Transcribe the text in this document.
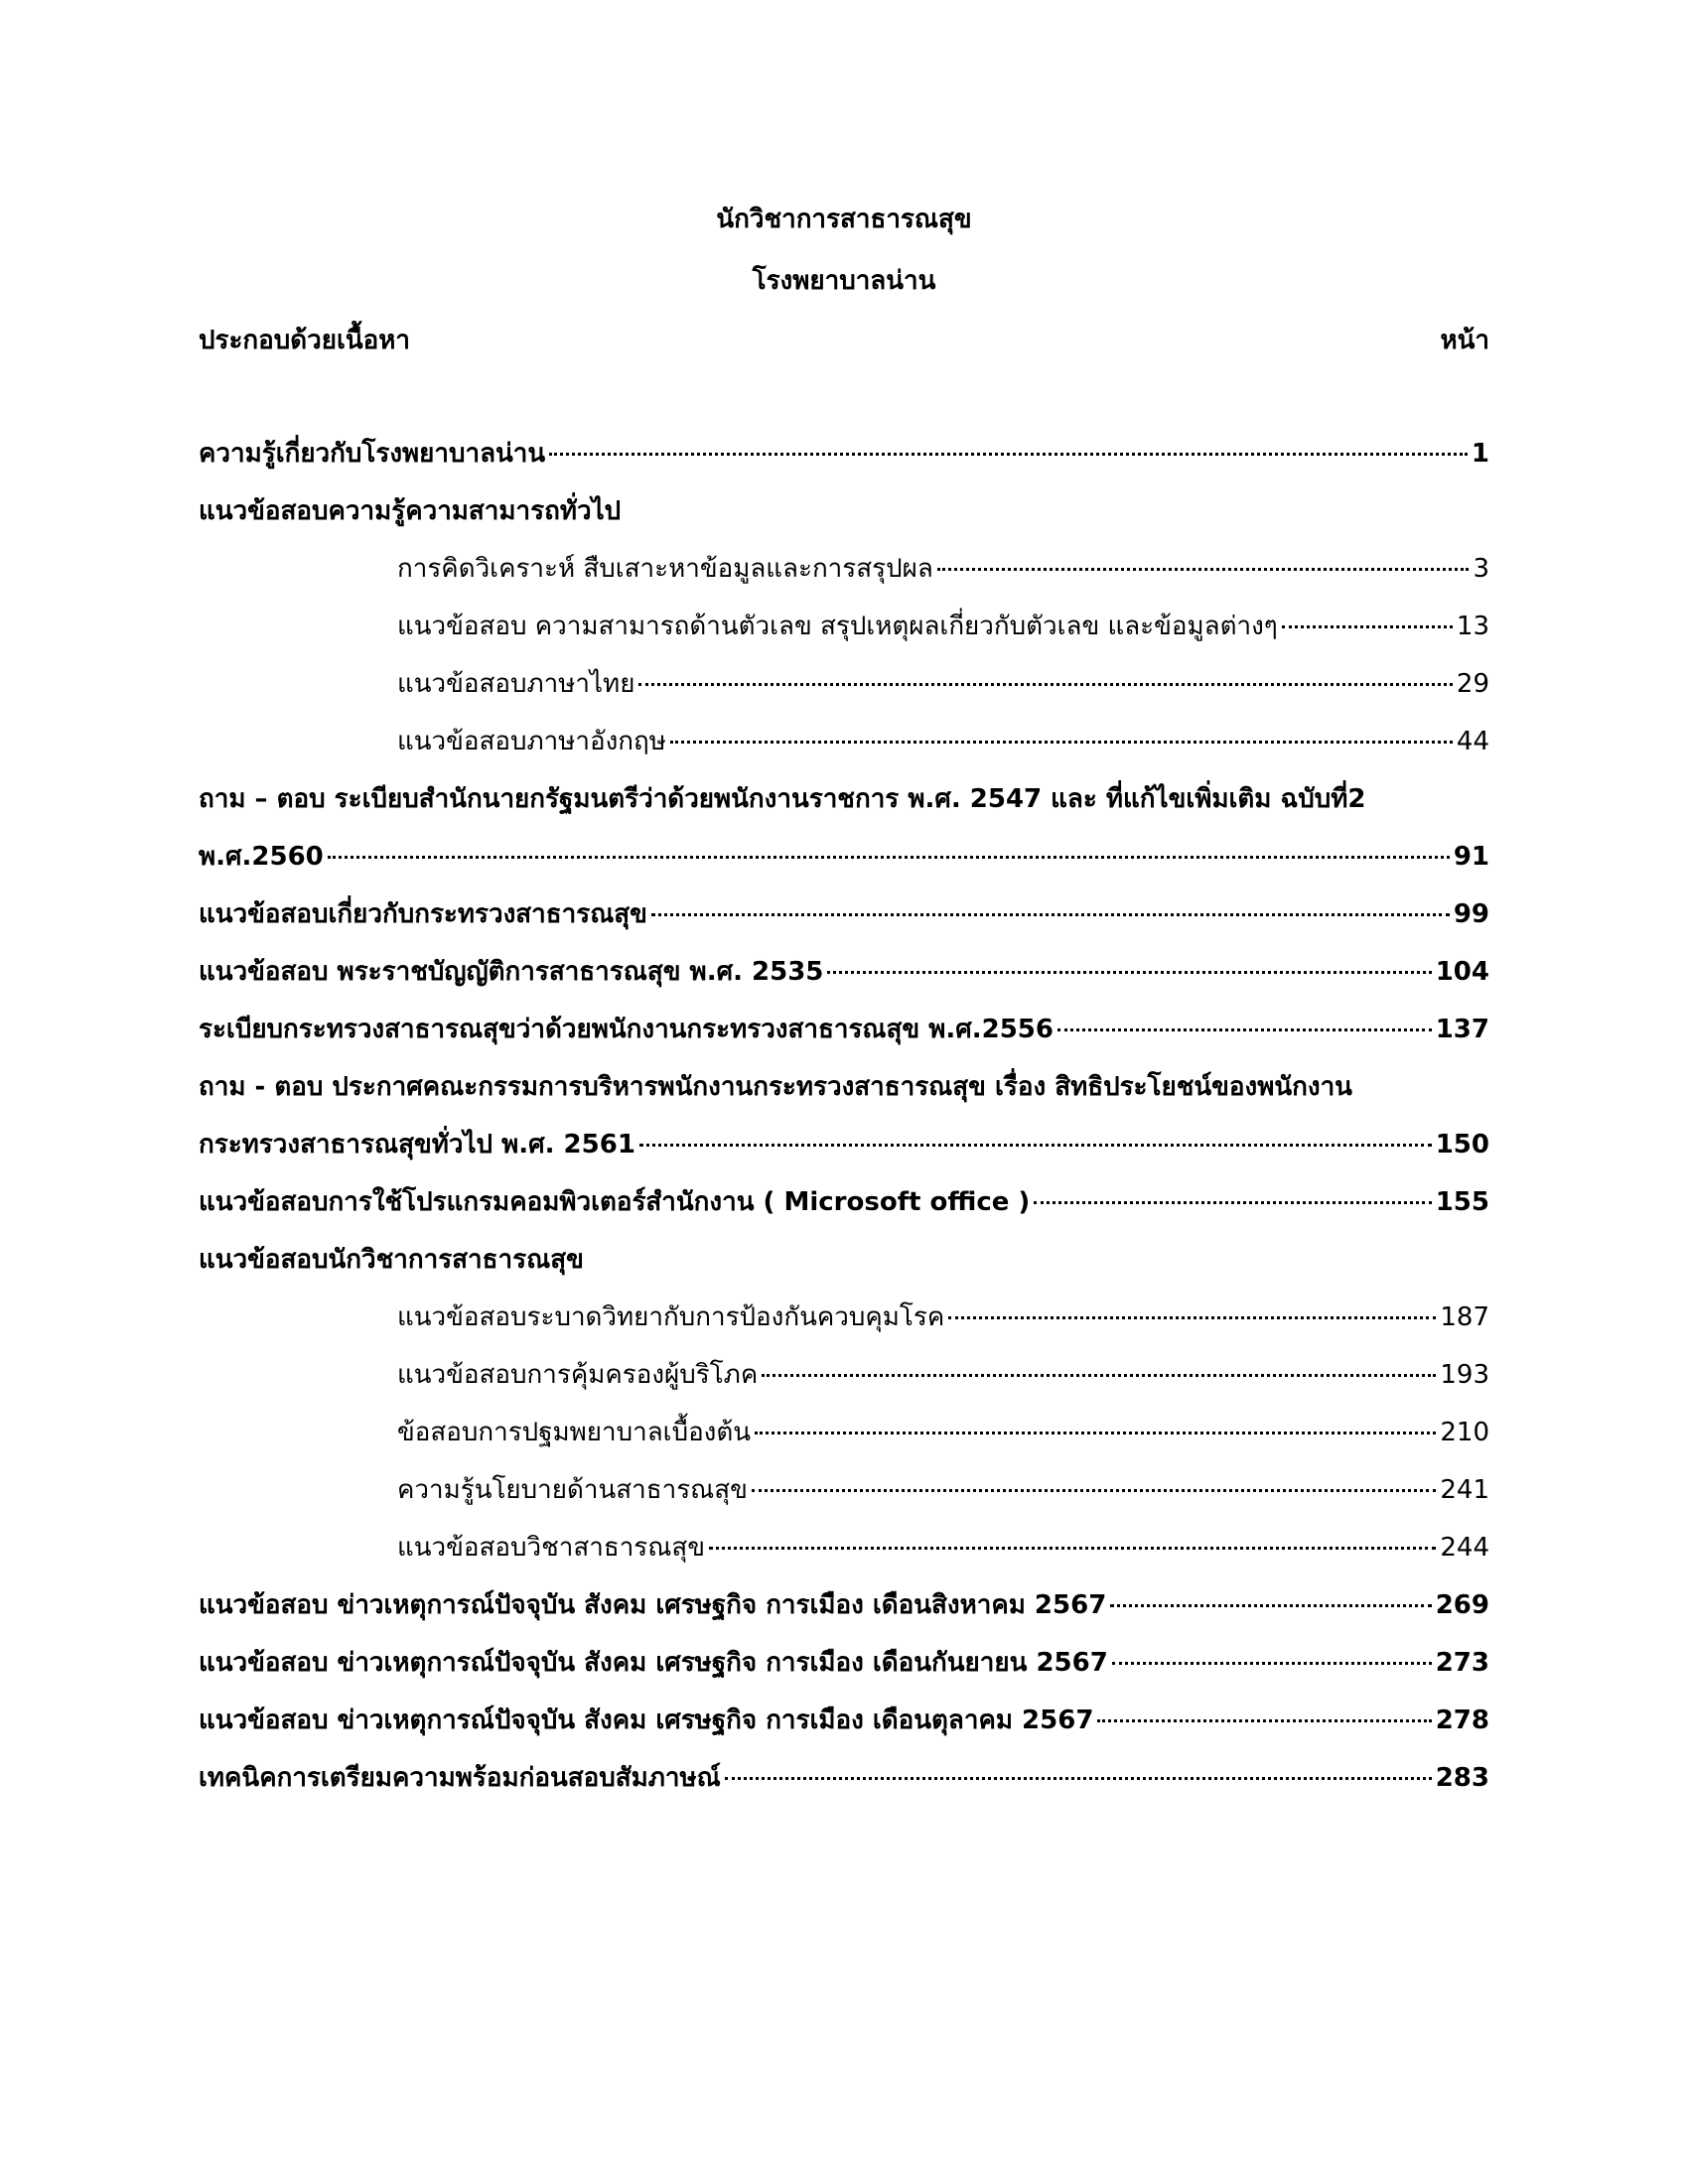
นักวิชาการสาธารณสุข
โรงพยาบาลน่าน
ประกอบด้วยเนื้อหา	หน้า
ความรู้เกี่ยวกับโรงพยาบาลน่าน	1
แนวข้อสอบความรู้ความสามารถทั่วไป
การคิดวิเคราะห์ สืบเสาะหาข้อมูลและการสรุปผล	3
แนวข้อสอบ ความสามารถด้านตัวเลข สรุปเหตุผลเกี่ยวกับตัวเลข และข้อมูลต่างๆ	13
แนวข้อสอบภาษาไทย	29
แนวข้อสอบภาษาอังกฤษ	44
ถาม – ตอบ ระเบียบสำนักนายกรัฐมนตรีว่าด้วยพนักงานราชการ พ.ศ. 2547 และ ที่แก้ไขเพิ่มเติม ฉบับที่2
พ.ศ.2560	91
แนวข้อสอบเกี่ยวกับกระทรวงสาธารณสุข	99
แนวข้อสอบ พระราชบัญญัติการสาธารณสุข พ.ศ. 2535	104
ระเบียบกระทรวงสาธารณสุขว่าด้วยพนักงานกระทรวงสาธารณสุข พ.ศ.2556	137
ถาม - ตอบ ประกาศคณะกรรมการบริหารพนักงานกระทรวงสาธารณสุข เรื่อง สิทธิประโยชน์ของพนักงาน
กระทรวงสาธารณสุขทั่วไป พ.ศ. 2561	150
แนวข้อสอบการใช้โปรแกรมคอมพิวเตอร์สำนักงาน ( Microsoft office )	155
แนวข้อสอบนักวิชาการสาธารณสุข
แนวข้อสอบระบาดวิทยากับการป้องกันควบคุมโรค	187
แนวข้อสอบการคุ้มครองผู้บริโภค	193
ข้อสอบการปฐมพยาบาลเบื้องต้น	210
ความรู้นโยบายด้านสาธารณสุข	241
แนวข้อสอบวิชาสาธารณสุข	244
แนวข้อสอบ ข่าวเหตุการณ์ปัจจุบัน สังคม เศรษฐกิจ การเมือง เดือนสิงหาคม 2567	269
แนวข้อสอบ ข่าวเหตุการณ์ปัจจุบัน สังคม เศรษฐกิจ การเมือง เดือนกันยายน 2567	273
แนวข้อสอบ ข่าวเหตุการณ์ปัจจุบัน สังคม เศรษฐกิจ การเมือง เดือนตุลาคม 2567	278
เทคนิคการเตรียมความพร้อมก่อนสอบสัมภาษณ์	283
